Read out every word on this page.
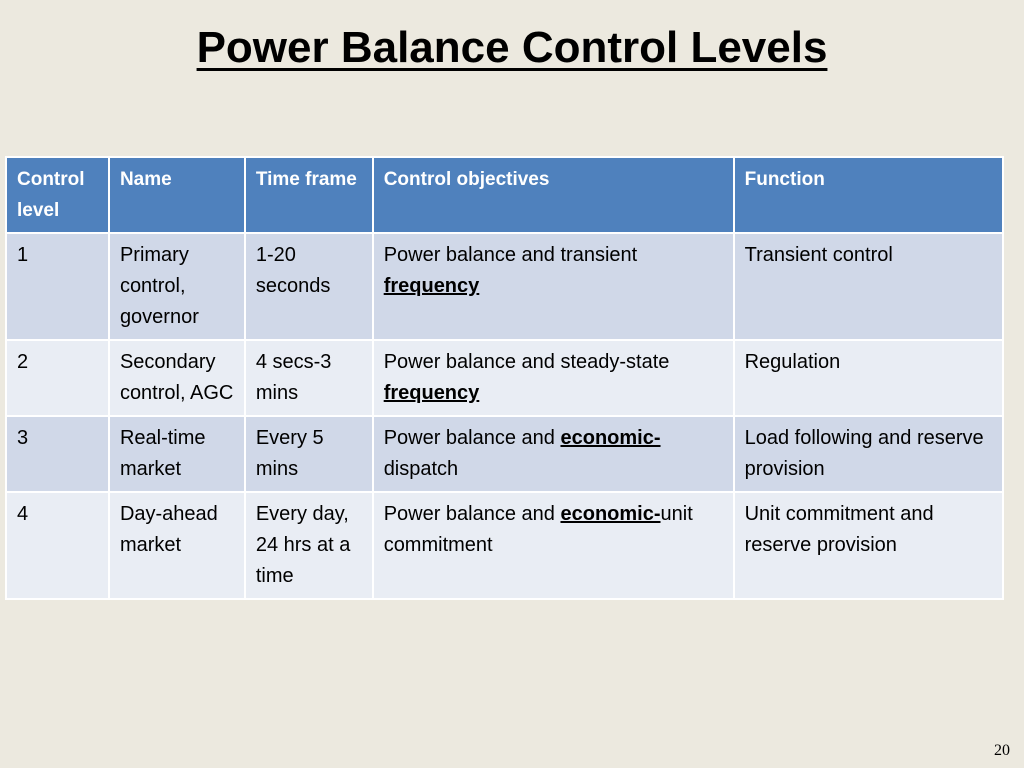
Power Balance Control Levels
Control level	Name	Time frame	Control objectives	Function
1	Primary control, governor	1-20 seconds	Power balance and transient frequency	Transient control
2	Secondary control, AGC	4 secs-3 mins	Power balance and steady-state frequency	Regulation
3	Real-time market	Every 5 mins	Power balance and economic-dispatch	Load following and reserve provision
4	Day-ahead market	Every day, 24 hrs at a time	Power balance and economic-unit commitment	Unit commitment and reserve provision
20
